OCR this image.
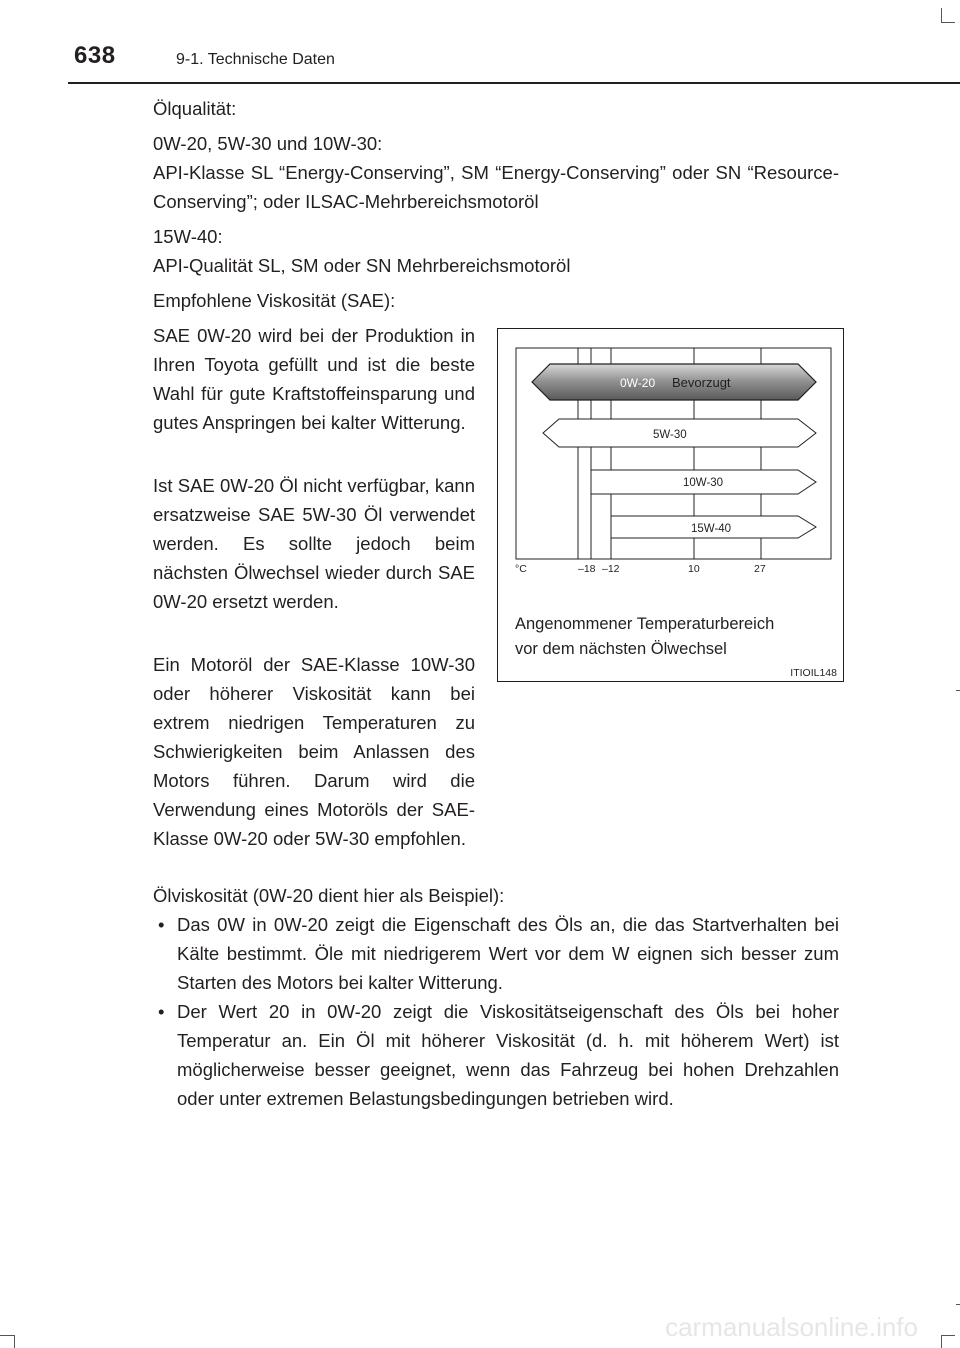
638	9-1. Technische Daten

Ölqualität:

0W-20, 5W-30 und 10W-30:

API-Klasse SL “Energy-Conserving”, SM “Energy-Conserving” oder SN “Resource-Conserving”; oder ILSAC-Mehrbereichsmotoröl

15W-40:

API-Qualität SL, SM oder SN Mehrbereichsmotoröl

Empfohlene Viskosität (SAE):

SAE 0W-20 wird bei der Produktion in Ihren Toyota gefüllt und ist die beste Wahl für gute Kraftstoffeinsparung und gutes Anspringen bei kalter Witterung.

Ist SAE 0W-20 Öl nicht verfügbar, kann ersatzweise SAE 5W-30 Öl verwendet werden. Es sollte jedoch beim nächsten Ölwechsel wieder durch SAE 0W-20 ersetzt werden.

Ein Motoröl der SAE-Klasse 10W-30 oder höherer Viskosität kann bei extrem niedrigen Temperaturen zu Schwierigkeiten beim Anlassen des Motors führen. Darum wird die Verwendung eines Motoröls der SAE-Klasse 0W-20 oder 5W-30 empfohlen.

0W-20 Bevorzugt
5W-30
10W-30
15W-40
°C	–18 –12	10	27
Angenommener Temperaturbereich
vor dem nächsten Ölwechsel
ITIOIL148

Ölviskosität (0W-20 dient hier als Beispiel):

• Das 0W in 0W-20 zeigt die Eigenschaft des Öls an, die das Startverhalten bei Kälte bestimmt. Öle mit niedrigerem Wert vor dem W eignen sich besser zum Starten des Motors bei kalter Witterung.
• Der Wert 20 in 0W-20 zeigt die Viskositätseigenschaft des Öls bei hoher Temperatur an. Ein Öl mit höherer Viskosität (d. h. mit höherem Wert) ist möglicherweise besser geeignet, wenn das Fahrzeug bei hohen Drehzahlen oder unter extremen Belastungsbedingungen betrieben wird.
carmanualsonline.info
